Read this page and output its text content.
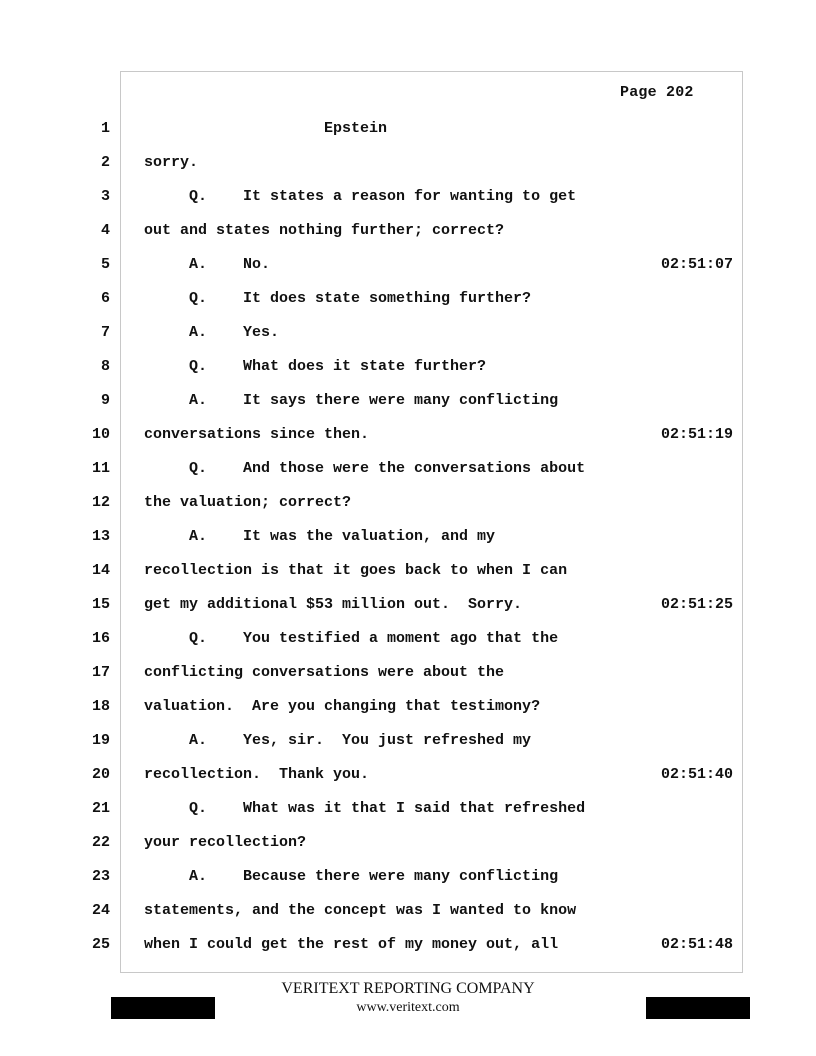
Page 202
1 Epstein
2 sorry.
3 Q.    It states a reason for wanting to get
4 out and states nothing further; correct?
5 A.    No.	02:51:07
6 Q.    It does state something further?
7 A.    Yes.
8 Q.    What does it state further?
9 A.    It says there were many conflicting
10 conversations since then.	02:51:19
11 Q.    And those were the conversations about
12 the valuation; correct?
13 A.    It was the valuation, and my
14 recollection is that it goes back to when I can
15 get my additional $53 million out.  Sorry.	02:51:25
16 Q.    You testified a moment ago that the
17 conflicting conversations were about the
18 valuation.  Are you changing that testimony?
19 A.    Yes, sir.  You just refreshed my
20 recollection.  Thank you.	02:51:40
21 Q.    What was it that I said that refreshed
22 your recollection?
23 A.    Because there were many conflicting
24 statements, and the concept was I wanted to know
25 when I could get the rest of my money out, all	02:51:48
VERITEXT REPORTING COMPANY
www.veritext.com
